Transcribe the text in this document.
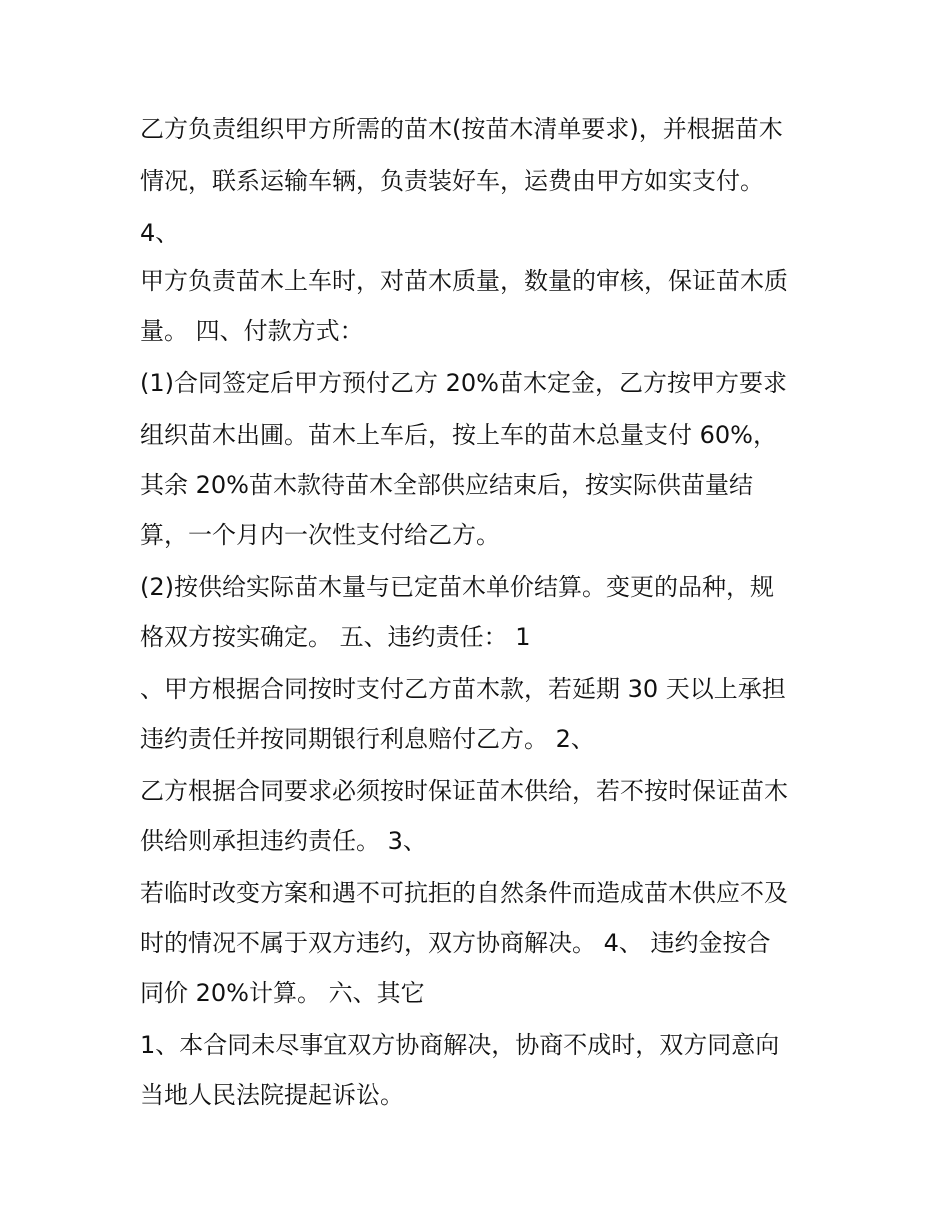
乙方负责组织甲方所需的苗木(按苗木清单要求)，并根据苗木
情况，联系运输车辆，负责装好车，运费由甲方如实支付。
4、
甲方负责苗木上车时，对苗木质量，数量的审核，保证苗木质
量。 四、付款方式：
(1)合同签定后甲方预付乙方 20%苗木定金，乙方按甲方要求
组织苗木出圃。苗木上车后，按上车的苗木总量支付 60%，
其余 20%苗木款待苗木全部供应结束后，按实际供苗量结
算，一个月内一次性支付给乙方。
(2)按供给实际苗木量与已定苗木单价结算。变更的品种，规
格双方按实确定。 五、违约责任： 1
、甲方根据合同按时支付乙方苗木款，若延期 30 天以上承担
违约责任并按同期银行利息赔付乙方。 2、
乙方根据合同要求必须按时保证苗木供给，若不按时保证苗木
供给则承担违约责任。 3、
若临时改变方案和遇不可抗拒的自然条件而造成苗木供应不及
时的情况不属于双方违约，双方协商解决。 4、 违约金按合
同价 20%计算。 六、其它
1、本合同未尽事宜双方协商解决，协商不成时，双方同意向
当地人民法院提起诉讼。
